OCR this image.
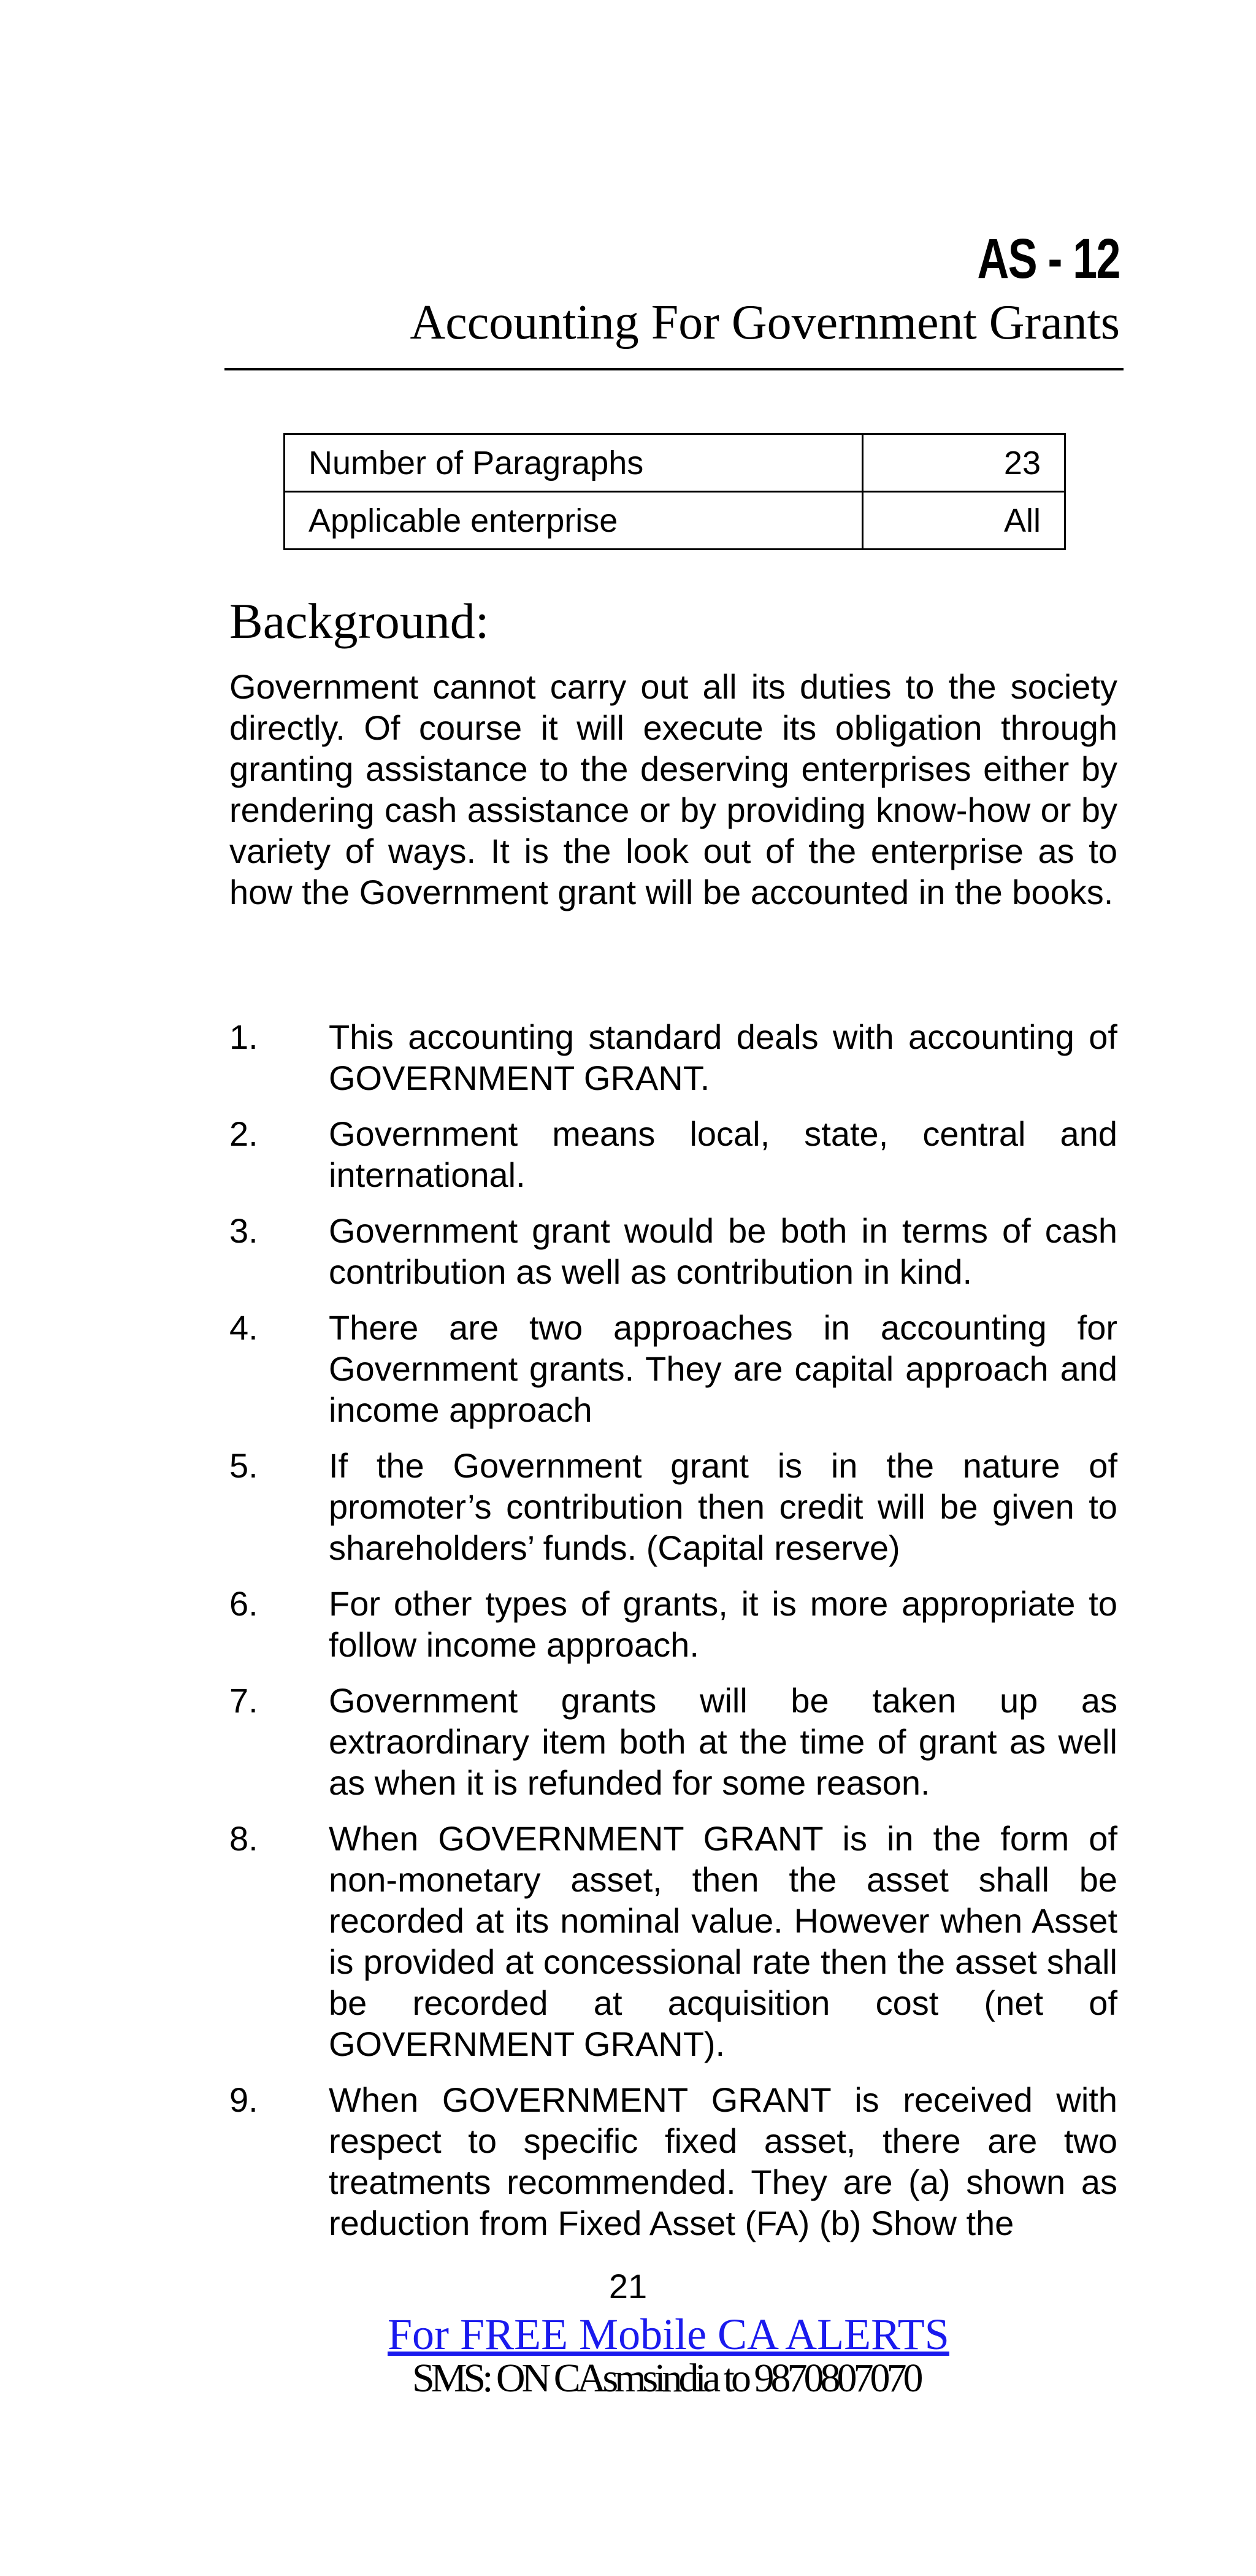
AS - 12
Accounting For Government Grants
Number of Paragraphs	23
Applicable enterprise	All
Background:

Government cannot carry out all its duties to the society directly. Of course it will execute its obligation through granting assistance to the deserving enterprises either by rendering cash assistance or by providing know-how or by variety of ways. It is the look out of the enterprise as to how the Government grant will be accounted in the books.

1.	This accounting standard deals with accounting of GOVERNMENT GRANT.
2.	Government means local, state, central and international.
3.	Government grant would be both in terms of cash contribution as well as contribution in kind.
4.	There are two approaches in accounting for Government grants. They are capital approach and income approach
5.	If the Government grant is in the nature of promoter’s contribution then credit will be given to shareholders’ funds. (Capital reserve)
6.	For other types of grants, it is more appropriate to follow income approach.
7.	Government grants will be taken up as extraordinary item both at the time of grant as well as when it is refunded for some reason.
8.	When GOVERNMENT GRANT is in the form of non-monetary asset, then the asset shall be recorded at its nominal value. However when Asset is provided at concessional rate then the asset shall be recorded at acquisition cost (net of GOVERNMENT GRANT).
9.	When GOVERNMENT GRANT is received with respect to specific fixed asset, there are two treatments recommended. They are (a) shown as reduction from Fixed Asset (FA) (b) Show the
21
For FREE Mobile CA ALERTS
SMS: ON CAsmsindia to 9870807070
